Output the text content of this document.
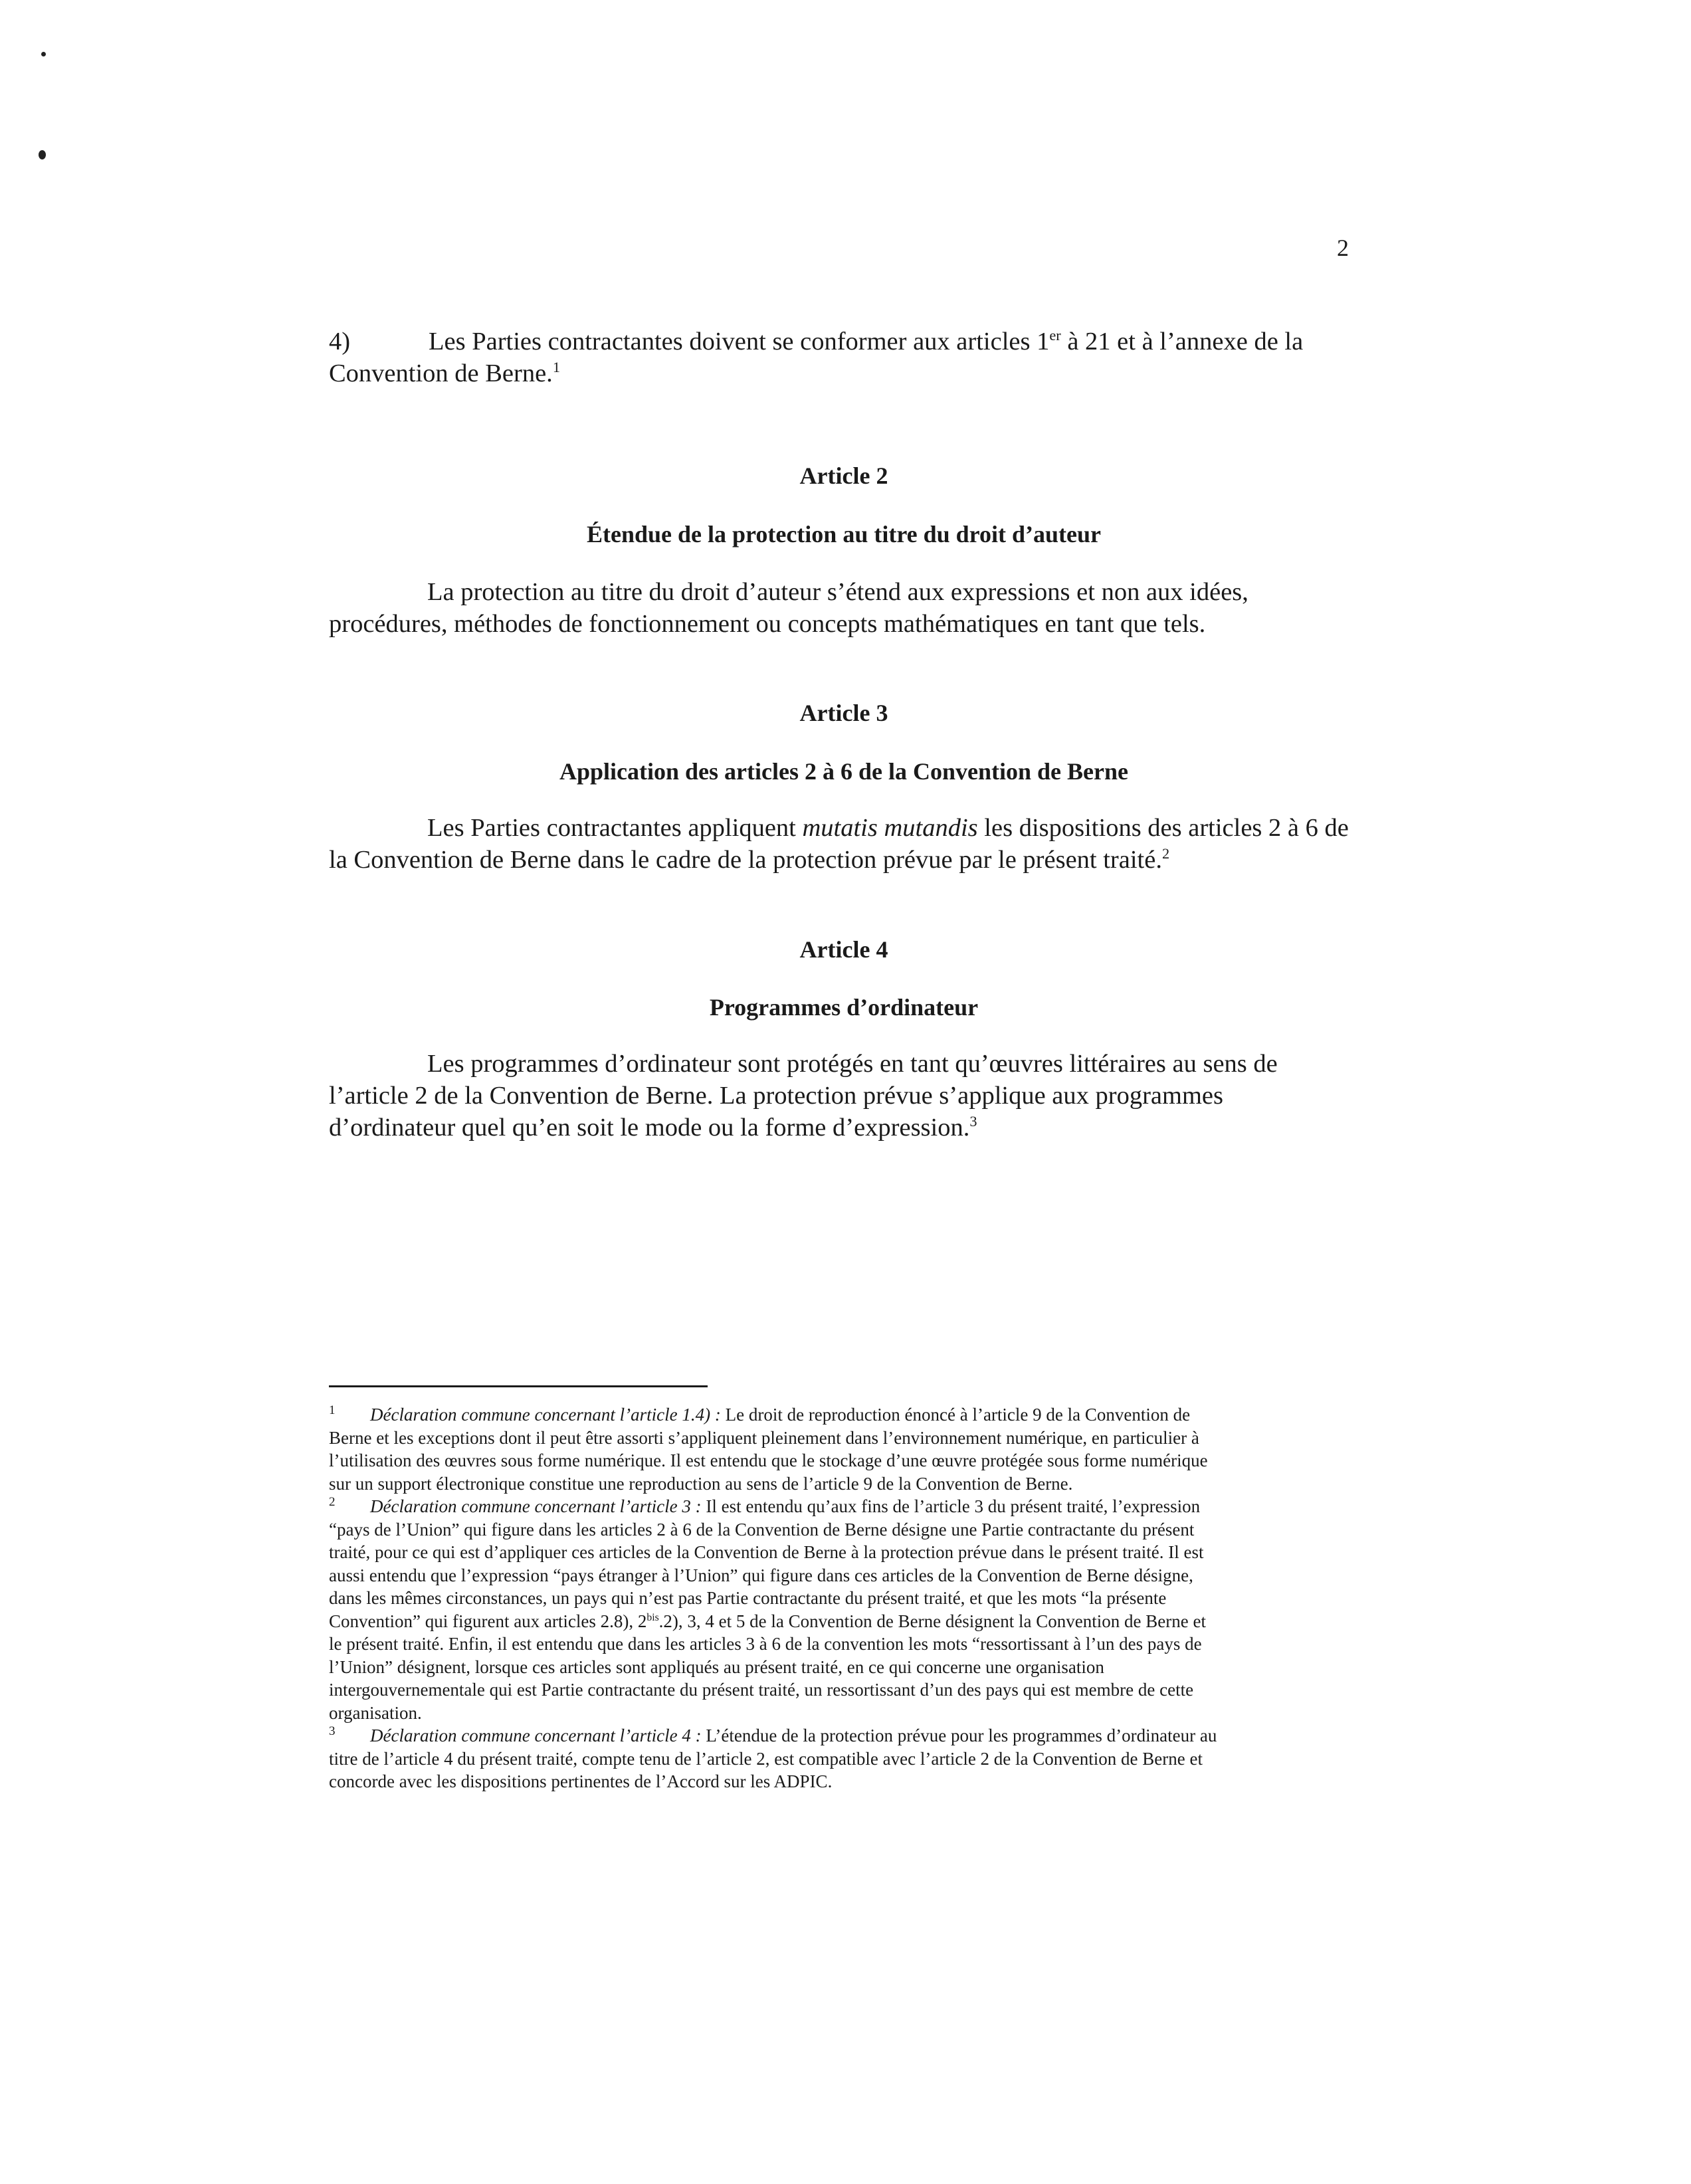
2
4)	Les Parties contractantes doivent se conformer aux articles 1er à 21 et à l’annexe de la
Convention de Berne.$^1$
Article 2
Étendue de la protection au titre du droit d’auteur
La protection au titre du droit d’auteur s’étend aux expressions et non aux idées,
procédures, méthodes de fonctionnement ou concepts mathématiques en tant que tels.
Article 3
Application des articles 2 à 6 de la Convention de Berne
Les Parties contractantes appliquent mutatis mutandis les dispositions des articles 2 à 6 de
la Convention de Berne dans le cadre de la protection prévue par le présent traité.$^2$
Article 4
Programmes d’ordinateur
Les programmes d’ordinateur sont protégés en tant qu’œuvres littéraires au sens de
l’article 2 de la Convention de Berne. La protection prévue s’applique aux programmes
d’ordinateur quel qu’en soit le mode ou la forme d’expression.$^3$

1 Déclaration commune concernant l’article 1.4) : Le droit de reproduction énoncé à l’article 9 de la Convention de

Berne et les exceptions dont il peut être assorti s’appliquent pleinement dans l’environnement numérique, en particulier à

l’utilisation des œuvres sous forme numérique. Il est entendu que le stockage d’une œuvre protégée sous forme numérique

sur un support électronique constitue une reproduction au sens de l’article 9 de la Convention de Berne.

2 Déclaration commune concernant l’article 3 : Il est entendu qu’aux fins de l’article 3 du présent traité, l’expression

“pays de l’Union” qui figure dans les articles 2 à 6 de la Convention de Berne désigne une Partie contractante du présent

traité, pour ce qui est d’appliquer ces articles de la Convention de Berne à la protection prévue dans le présent traité. Il est

aussi entendu que l’expression “pays étranger à l’Union” qui figure dans ces articles de la Convention de Berne désigne,

dans les mêmes circonstances, un pays qui n’est pas Partie contractante du présent traité, et que les mots “la présente

Convention” qui figurent aux articles 2.8), $2^{bis}.2$), 3, 4 et 5 de la Convention de Berne désignent la Convention de Berne et

le présent traité. Enfin, il est entendu que dans les articles 3 à 6 de la convention les mots “ressortissant à l’un des pays de

l’Union” désignent, lorsque ces articles sont appliqués au présent traité, en ce qui concerne une organisation

intergouvernementale qui est Partie contractante du présent traité, un ressortissant d’un des pays qui est membre de cette

organisation.

3 Déclaration commune concernant l’article 4 : L’étendue de la protection prévue pour les programmes d’ordinateur au

titre de l’article 4 du présent traité, compte tenu de l’article 2, est compatible avec l’article 2 de la Convention de Berne et

concorde avec les dispositions pertinentes de l’Accord sur les ADPIC.
